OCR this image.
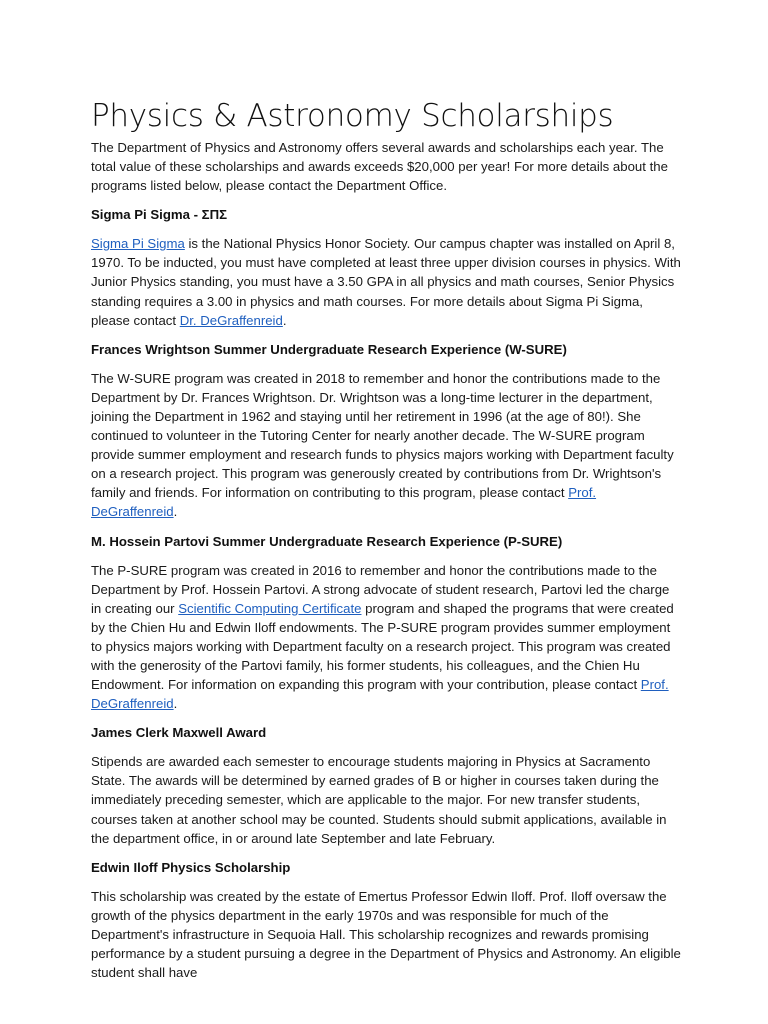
Physics & Astronomy Scholarships

The Department of Physics and Astronomy offers several awards and scholarships each year. The total value of these scholarships and awards exceeds $20,000 per year! For more details about the programs listed below, please contact the Department Office.

Sigma Pi Sigma - ΣΠΣ

Sigma Pi Sigma is the National Physics Honor Society. Our campus chapter was installed on April 8, 1970. To be inducted, you must have completed at least three upper division courses in physics. With Junior Physics standing, you must have a 3.50 GPA in all physics and math courses, Senior Physics standing requires a 3.00 in physics and math courses. For more details about Sigma Pi Sigma, please contact Dr. DeGraffenreid.

Frances Wrightson Summer Undergraduate Research Experience (W-SURE)

The W-SURE program was created in 2018 to remember and honor the contributions made to the Department by Dr. Frances Wrightson. Dr. Wrightson was a long-time lecturer in the department, joining the Department in 1962 and staying until her retirement in 1996 (at the age of 80!). She continued to volunteer in the Tutoring Center for nearly another decade. The W-SURE program provide summer employment and research funds to physics majors working with Department faculty on a research project. This program was generously created by contributions from Dr. Wrightson's family and friends. For information on contributing to this program, please contact Prof. DeGraffenreid.

M. Hossein Partovi Summer Undergraduate Research Experience (P-SURE)

The P-SURE program was created in 2016 to remember and honor the contributions made to the Department by Prof. Hossein Partovi. A strong advocate of student research, Partovi led the charge in creating our Scientific Computing Certificate program and shaped the programs that were created by the Chien Hu and Edwin Iloff endowments. The P-SURE program provides summer employment to physics majors working with Department faculty on a research project. This program was created with the generosity of the Partovi family, his former students, his colleagues, and the Chien Hu Endowment. For information on expanding this program with your contribution, please contact Prof. DeGraffenreid.

James Clerk Maxwell Award

Stipends are awarded each semester to encourage students majoring in Physics at Sacramento State. The awards will be determined by earned grades of B or higher in courses taken during the immediately preceding semester, which are applicable to the major. For new transfer students, courses taken at another school may be counted. Students should submit applications, available in the department office, in or around late September and late February.

Edwin Iloff Physics Scholarship

This scholarship was created by the estate of Emertus Professor Edwin Iloff. Prof. Iloff oversaw the growth of the physics department in the early 1970s and was responsible for much of the Department's infrastructure in Sequoia Hall. This scholarship recognizes and rewards promising performance by a student pursuing a degree in the Department of Physics and Astronomy. An eligible student shall have
